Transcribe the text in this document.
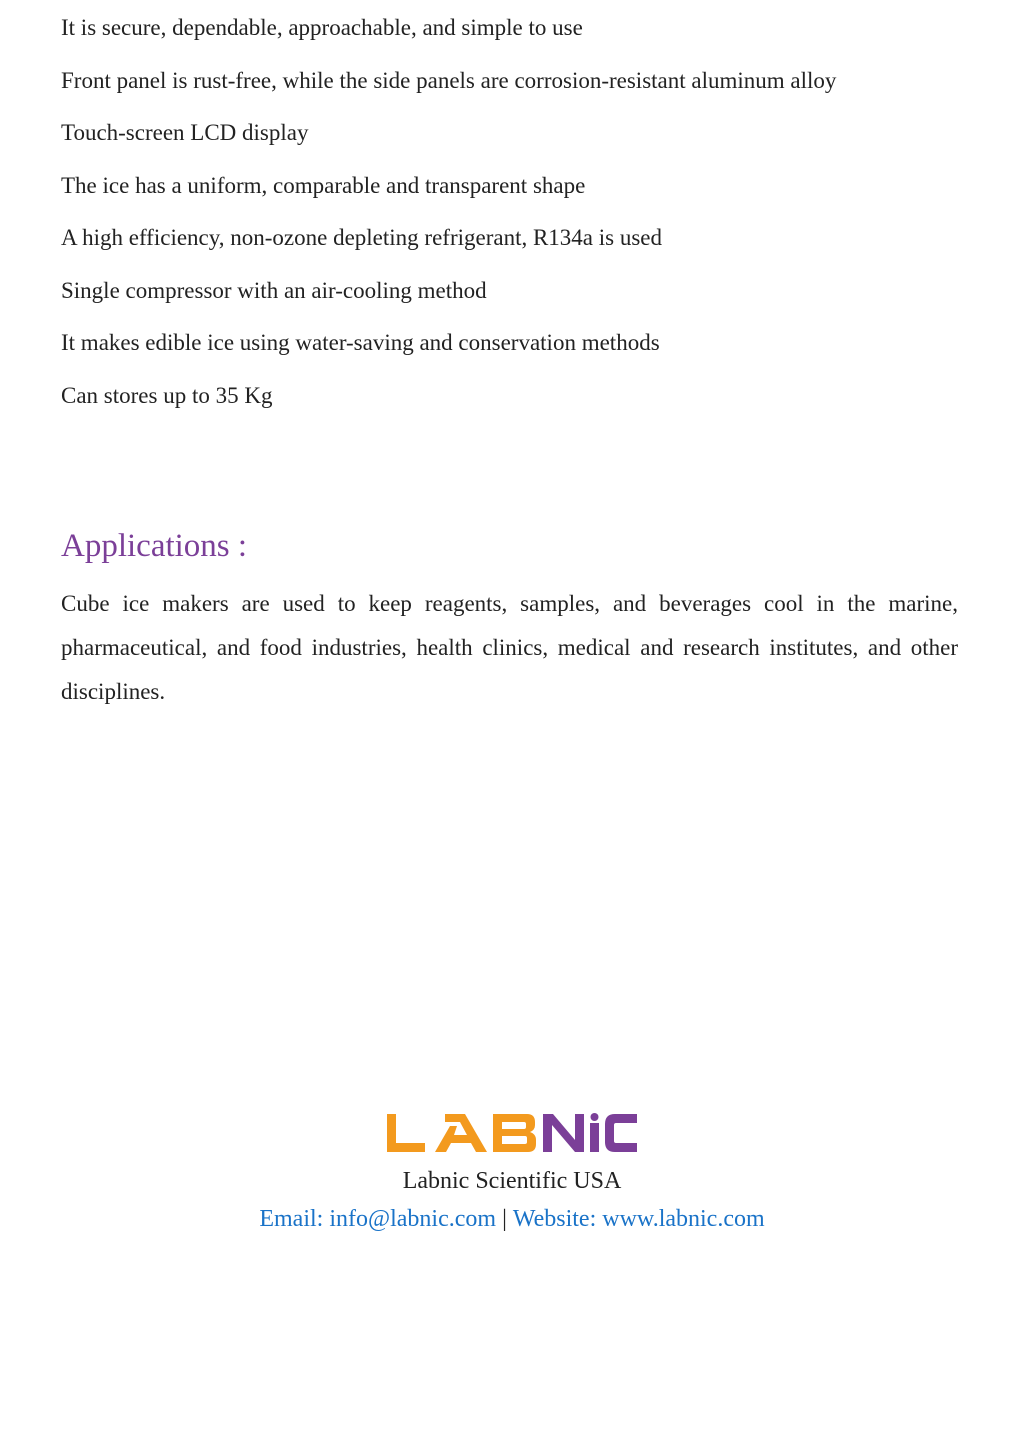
It is secure, dependable, approachable, and simple to use
Front panel is rust-free, while the side panels are corrosion-resistant aluminum alloy
Touch-screen LCD display
The ice has a uniform, comparable and transparent shape
A high efficiency, non-ozone depleting refrigerant, R134a is used
Single compressor with an air-cooling method
It makes edible ice using water-saving and conservation methods
Can stores up to 35 Kg
Applications :

Cube ice makers are used to keep reagents, samples, and beverages cool in the marine, pharmaceutical, and food industries, health clinics, medical and research institutes, and other disciplines.

Labnic Scientific USA
Email: info@labnic.com | Website: www.labnic.com
